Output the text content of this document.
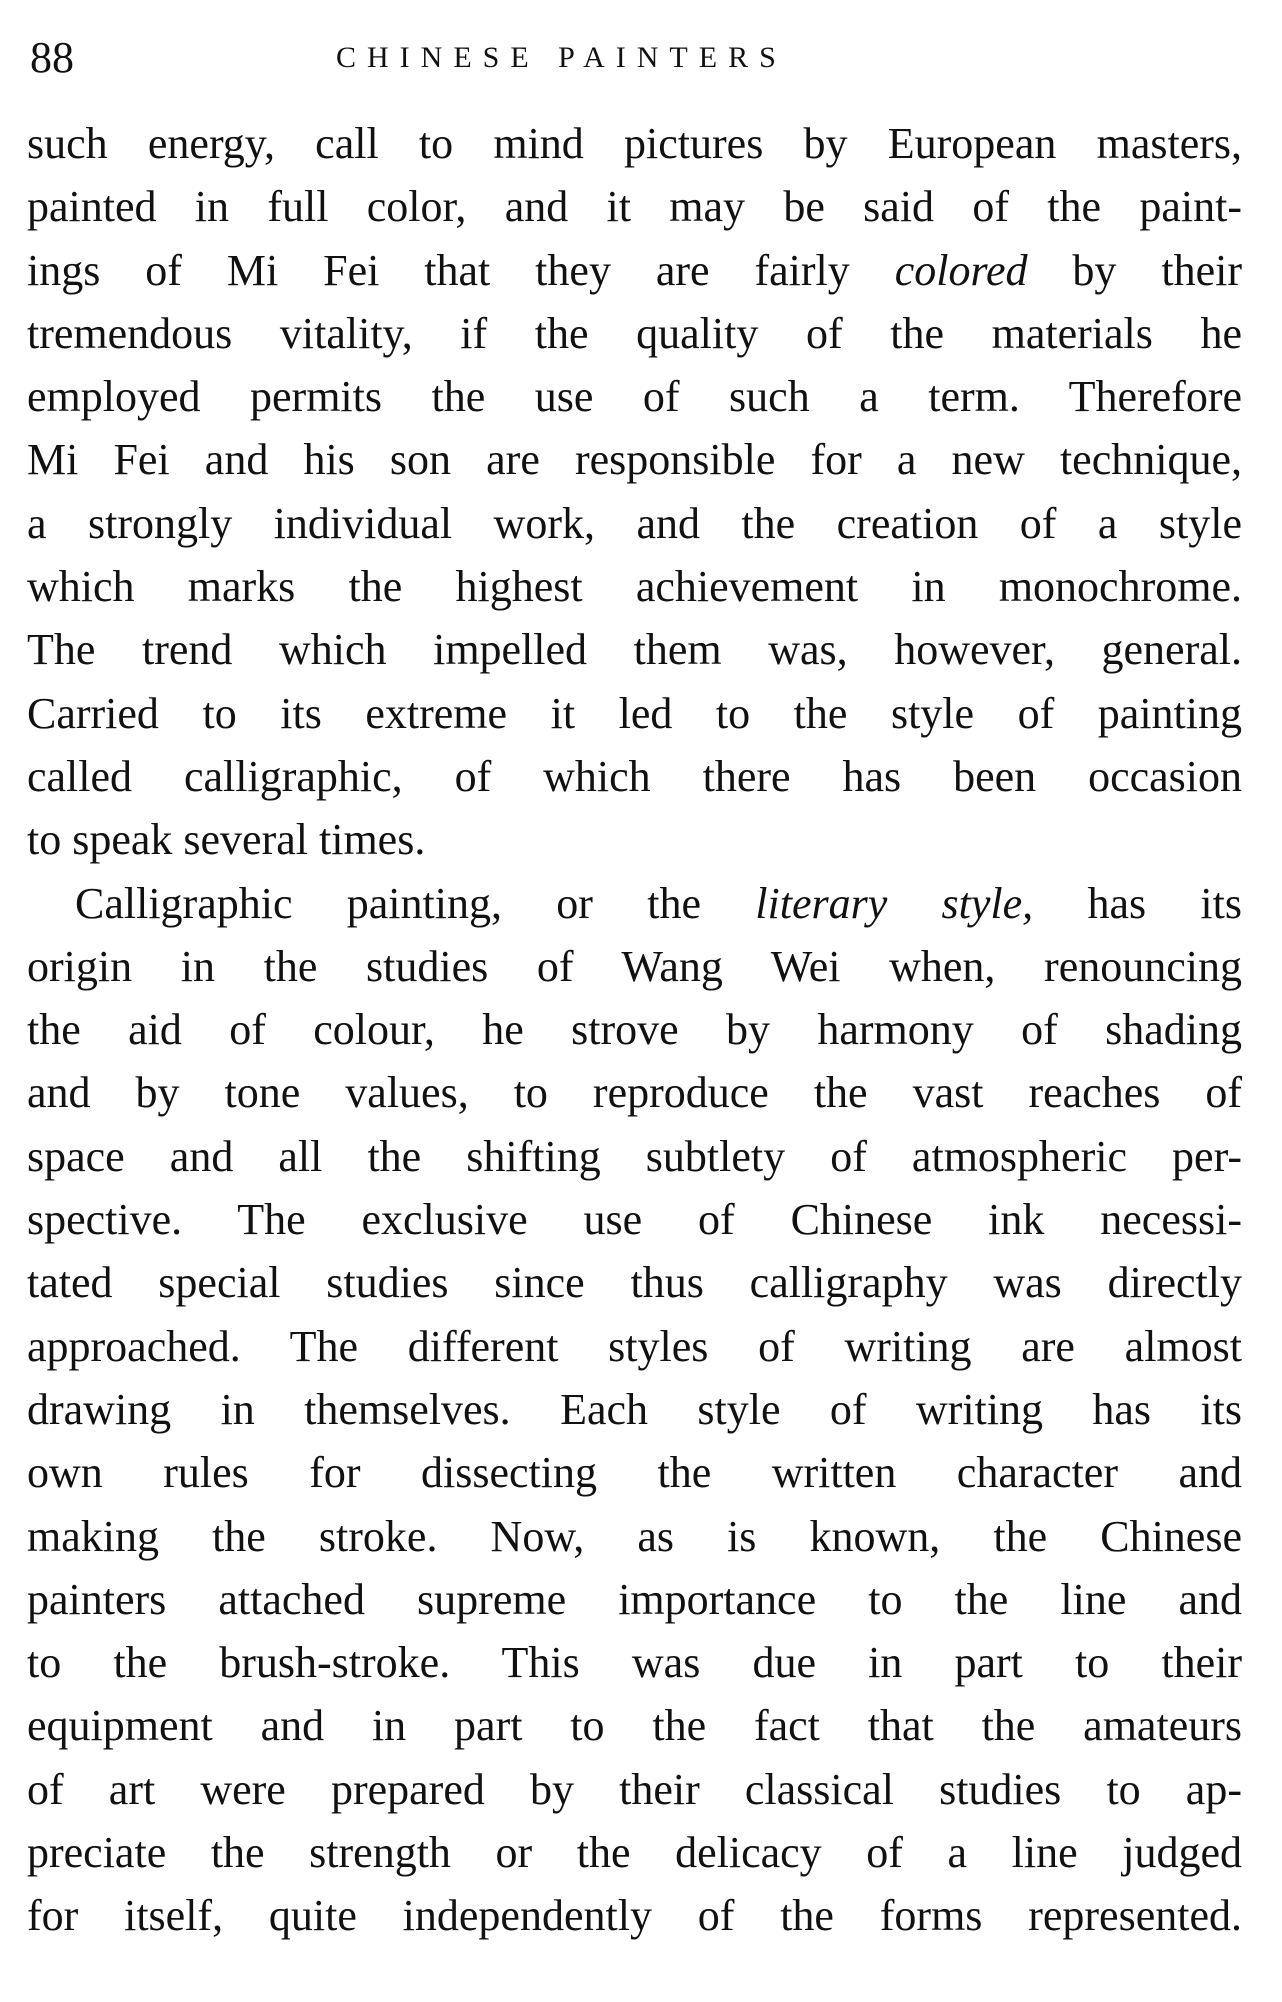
88	CHINESE PAINTERS
such energy, call to mind pictures by European masters,
painted in full color, and it may be said of the paint-
ings of Mi Fei that they are fairly colored by their
tremendous vitality, if the quality of the materials he
employed permits the use of such a term. Therefore
Mi Fei and his son are responsible for a new technique,
a strongly individual work, and the creation of a style
which marks the highest achievement in monochrome.
The trend which impelled them was, however, general.
Carried to its extreme it led to the style of painting
called calligraphic, of which there has been occasion
to speak several times.
Calligraphic painting, or the literary style, has its
origin in the studies of Wang Wei when, renouncing
the aid of colour, he strove by harmony of shading
and by tone values, to reproduce the vast reaches of
space and all the shifting subtlety of atmospheric per-
spective. The exclusive use of Chinese ink necessi-
tated special studies since thus calligraphy was directly
approached. The different styles of writing are almost
drawing in themselves. Each style of writing has its
own rules for dissecting the written character and
making the stroke. Now, as is known, the Chinese
painters attached supreme importance to the line and
to the brush-stroke. This was due in part to their
equipment and in part to the fact that the amateurs
of art were prepared by their classical studies to ap-
preciate the strength or the delicacy of a line judged
for itself, quite independently of the forms represented.
